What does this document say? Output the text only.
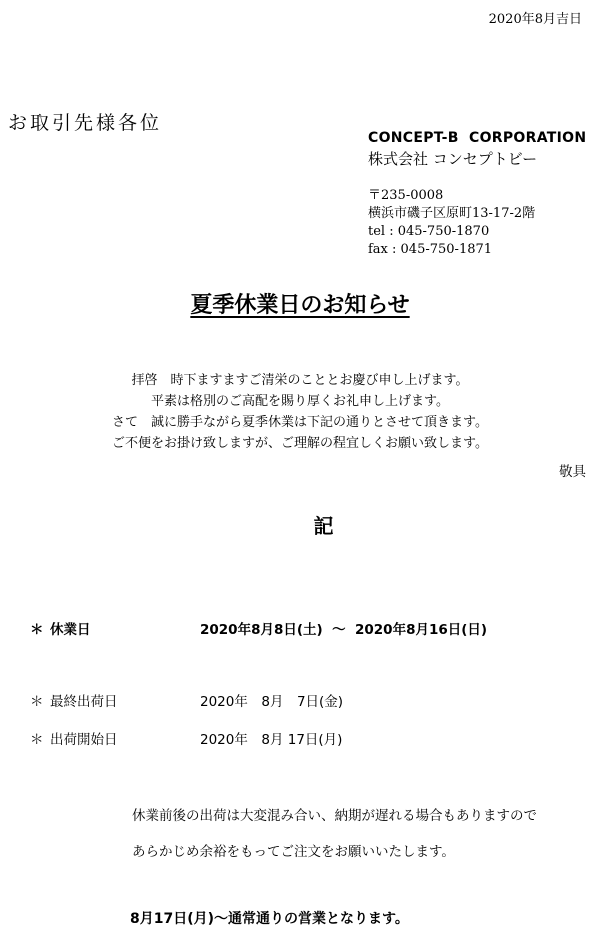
2020年8月吉日
お取引先様各位
CONCEPT-B  CORPORATION
株式会社 コンセプトビー
〒235-0008
横浜市磯子区原町13-17-2階
tel : 045-750-1870
fax : 045-750-1871
夏季休業日のお知らせ
拝啓　時下ますますご清栄のこととお慶び申し上げます。
平素は格別のご高配を賜り厚くお礼申し上げます。
さて　誠に勝手ながら夏季休業は下記の通りとさせて頂きます。
ご不便をお掛け致しますが、ご理解の程宜しくお願い致します。
敬具
記
＊ 休業日	2020年8月8日(土)  ～  2020年8月16日(日)
＊ 最終出荷日	2020年　8月　7日(金)
＊ 出荷開始日	2020年　8月 17日(月)
休業前後の出荷は大変混み合い、納期が遅れる場合もありますので
あらかじめ余裕をもってご注文をお願いいたします。
8月17日(月)～通常通りの営業となります。
